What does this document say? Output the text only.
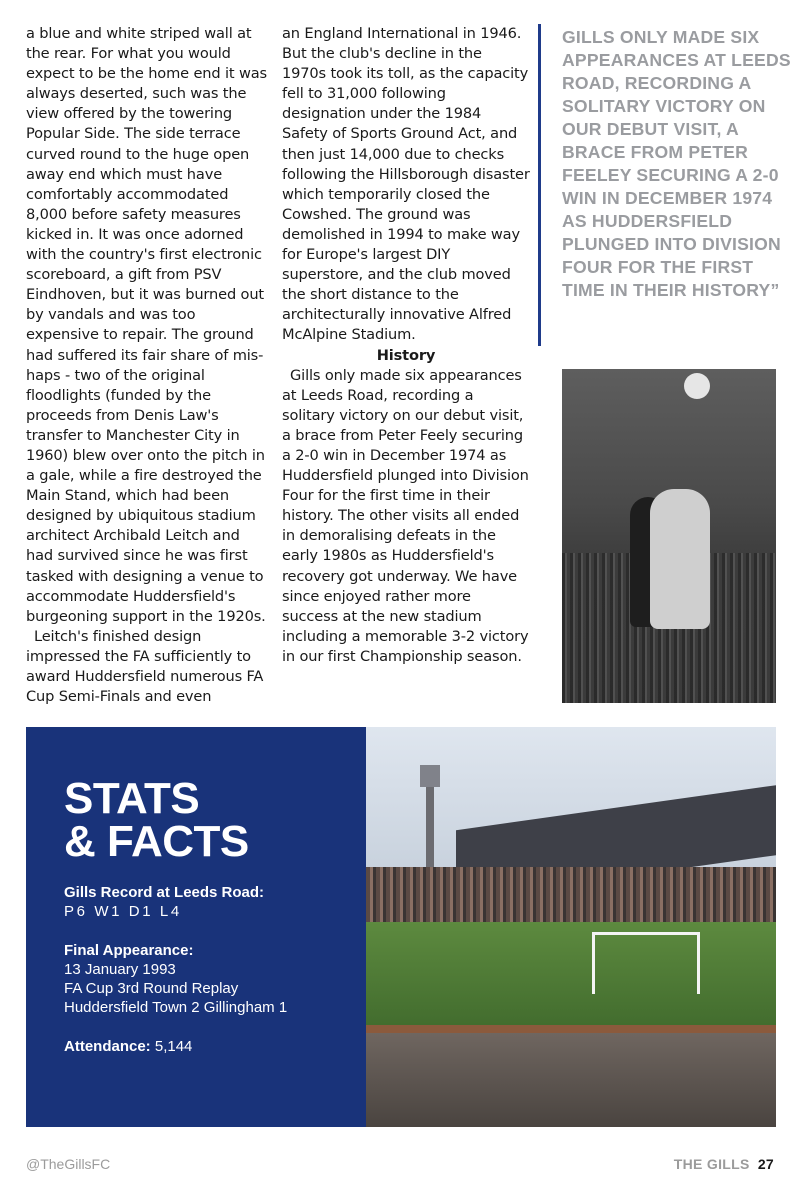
a blue and white striped wall at the rear. For what you would expect to be the home end it was always deserted, such was the view offered by the towering Popular Side. The side terrace curved round to the huge open away end which must have comfortably accommodated 8,000 before safety measures kicked in. It was once adorned with the country's first electronic scoreboard, a gift from PSV Eindhoven, but it was burned out by vandals and was too expensive to repair. The ground had suffered its fair share of mis-haps - two of the original floodlights (funded by the proceeds from Denis Law's transfer to Manchester City in 1960) blew over onto the pitch in a gale, while a fire destroyed the Main Stand, which had been designed by ubiquitous stadium architect Archibald Leitch and had survived since he was first tasked with designing a venue to accommodate Huddersfield's burgeoning support in the 1920s.

Leitch's finished design impressed the FA sufficiently to award Huddersfield numerous FA Cup Semi-Finals and even

an England International in 1946. But the club's decline in the 1970s took its toll, as the capacity fell to 31,000 following designation under the 1984 Safety of Sports Ground Act, and then just 14,000 due to checks following the Hillsborough disaster which temporarily closed the Cowshed. The ground was demolished in 1994 to make way for Europe's largest DIY superstore, and the club moved the short distance to the architecturally innovative Alfred McAlpine Stadium.

History

Gills only made six appearances at Leeds Road, recording a solitary victory on our debut visit, a brace from Peter Feely securing a 2-0 win in December 1974 as Huddersfield plunged into Division Four for the first time in their history. The other visits all ended in demoralising defeats in the early 1980s as Huddersfield's recovery got underway. We have since enjoyed rather more success at the new stadium including a memorable 3-2 victory in our first Championship season.

GILLS ONLY MADE SIX APPEARANCES AT LEEDS ROAD, RECORDING A SOLITARY VICTORY ON OUR DEBUT VISIT, A BRACE FROM PETER FEELEY SECURING A 2-0 WIN IN DECEMBER 1974 AS HUDDERSFIELD PLUNGED INTO DIVISION FOUR FOR THE FIRST TIME IN THEIR HISTORY”
STATS
& FACTS
Gills Record at Leeds Road:
P6 W1 D1 L4
Final Appearance:
13 January 1993
FA Cup 3rd Round Replay
Huddersfield Town 2 Gillingham 1
Attendance: 5,144
@TheGillsFC	THE GILLS 27
